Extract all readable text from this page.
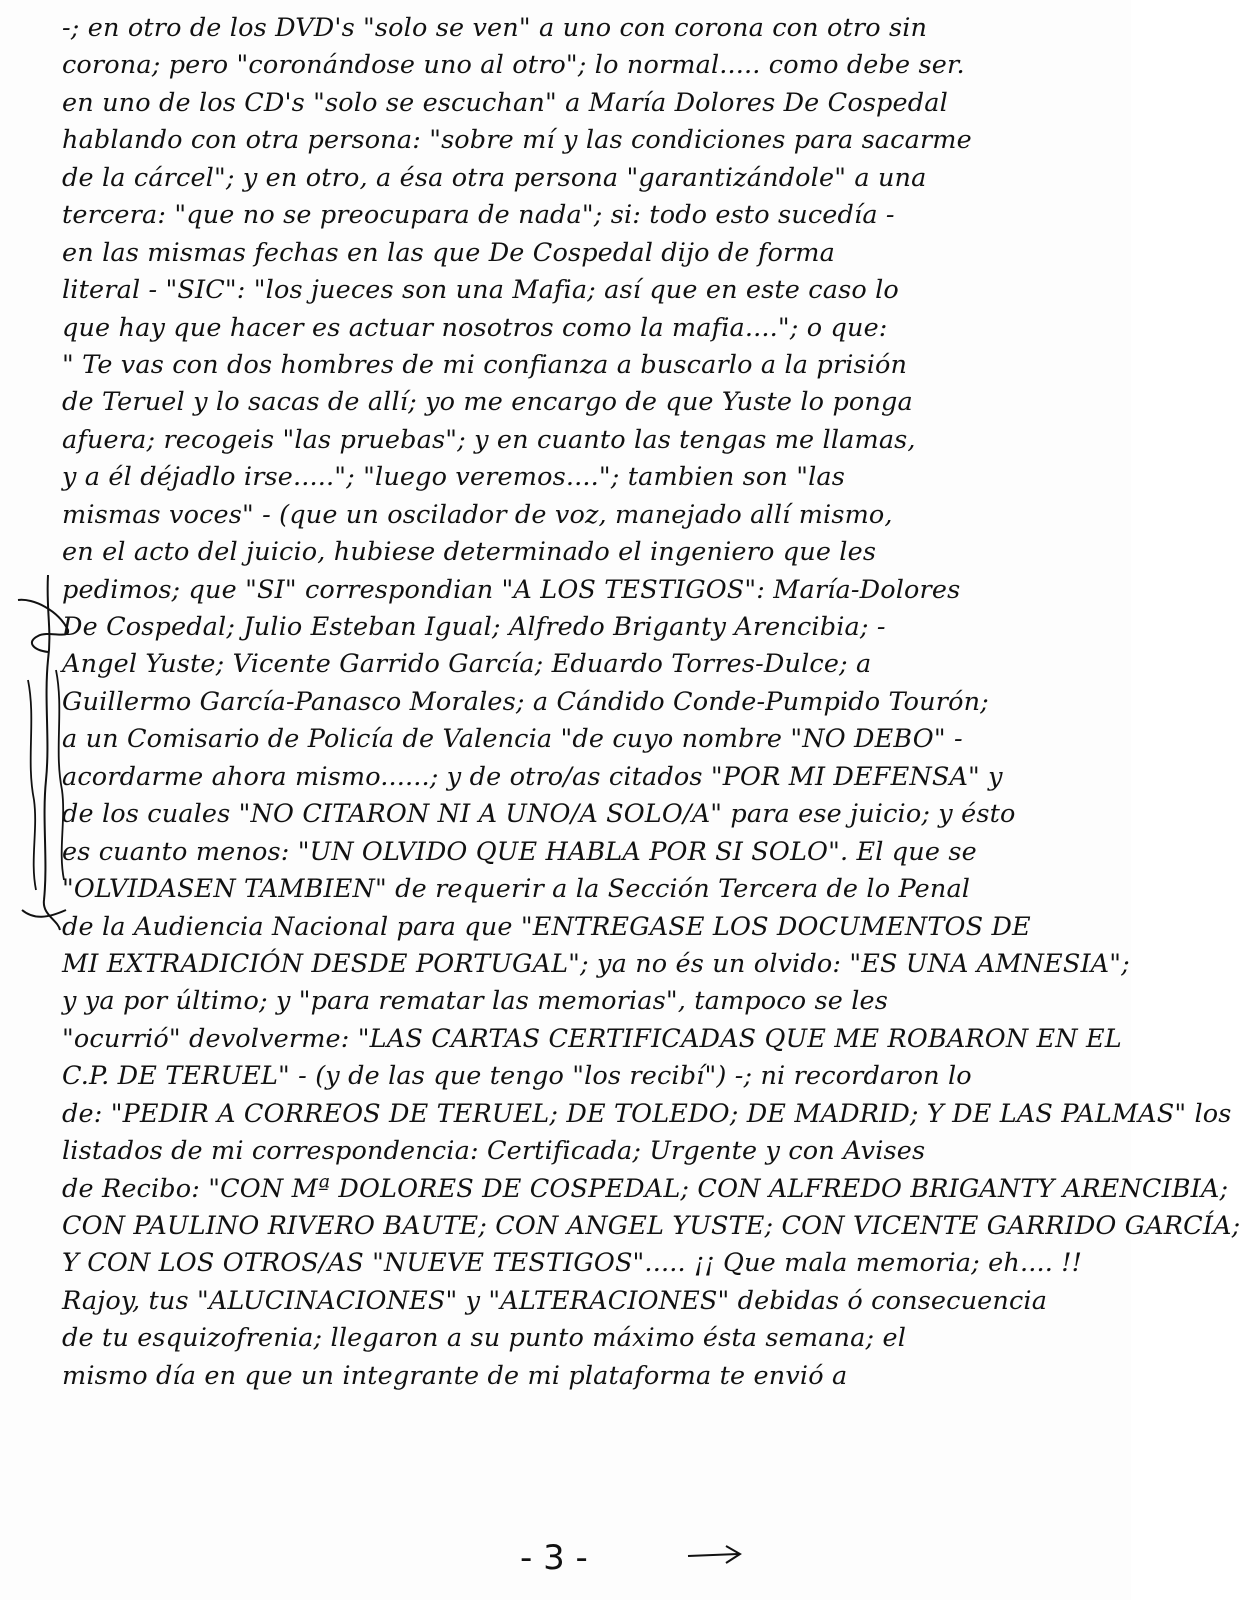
-; en otro de los DVD's "solo se ven" a uno con corona con otro sin
corona; pero "coronándose uno al otro"; lo normal..... como debe ser.
en uno de los CD's "solo se escuchan" a María Dolores De Cospedal
hablando con otra persona: "sobre mí y las condiciones para sacarme
de la cárcel"; y en otro, a ésa otra persona "garantizándole" a una
tercera: "que no se preocupara de nada"; si: todo esto sucedía -
en las mismas fechas en las que De Cospedal dijo de forma
literal - "SIC": "los jueces son una Mafia; así que en este caso lo
que hay que hacer es actuar nosotros como la mafia...."; o que:
" Te vas con dos hombres de mi confianza a buscarlo a la prisión
de Teruel y lo sacas de allí; yo me encargo de que Yuste lo ponga
afuera; recogeis "las pruebas"; y en cuanto las tengas me llamas,
y a él déjadlo irse....."; "luego veremos...."; tambien son "las
mismas voces" - (que un oscilador de voz, manejado allí mismo,
en el acto del juicio, hubiese determinado el ingeniero que les
pedimos; que "SI" correspondian "A LOS TESTIGOS": María-Dolores
De Cospedal; Julio Esteban Igual; Alfredo Briganty Arencibia; -
Angel Yuste; Vicente Garrido García; Eduardo Torres-Dulce; a
Guillermo García-Panasco Morales; a Cándido Conde-Pumpido Tourón;
a un Comisario de Policía de Valencia "de cuyo nombre "NO DEBO" -
acordarme ahora mismo......; y de otro/as citados "POR MI DEFENSA" y
de los cuales "NO CITARON NI A UNO/A SOLO/A" para ese juicio; y ésto
es cuanto menos: "UN OLVIDO QUE HABLA POR SI SOLO". El que se
"OLVIDASEN TAMBIEN" de requerir a la Sección Tercera de lo Penal
de la Audiencia Nacional para que "ENTREGASE LOS DOCUMENTOS DE
MI EXTRADICIÓN DESDE PORTUGAL"; ya no és un olvido: "ES UNA AMNESIA";
y ya por último; y "para rematar las memorias", tampoco se les
"ocurrió" devolverme: "LAS CARTAS CERTIFICADAS QUE ME ROBARON EN EL
C.P. DE TERUEL" - (y de las que tengo "los recibí") -; ni recordaron lo
de: "PEDIR A CORREOS DE TERUEL; DE TOLEDO; DE MADRID; Y DE LAS PALMAS" los
listados de mi correspondencia: Certificada; Urgente y con Avises
de Recibo: "CON Mª DOLORES DE COSPEDAL; CON ALFREDO BRIGANTY ARENCIBIA;
CON PAULINO RIVERO BAUTE; CON ANGEL YUSTE; CON VICENTE GARRIDO GARCÍA;
Y CON LOS OTROS/AS "NUEVE TESTIGOS"..... ¡¡ Que mala memoria; eh.... !!
Rajoy, tus "ALUCINACIONES" y "ALTERACIONES" debidas ó consecuencia
de tu esquizofrenia; llegaron a su punto máximo ésta semana; el
mismo día en que un integrante de mi plataforma te envió a
- 3 -
